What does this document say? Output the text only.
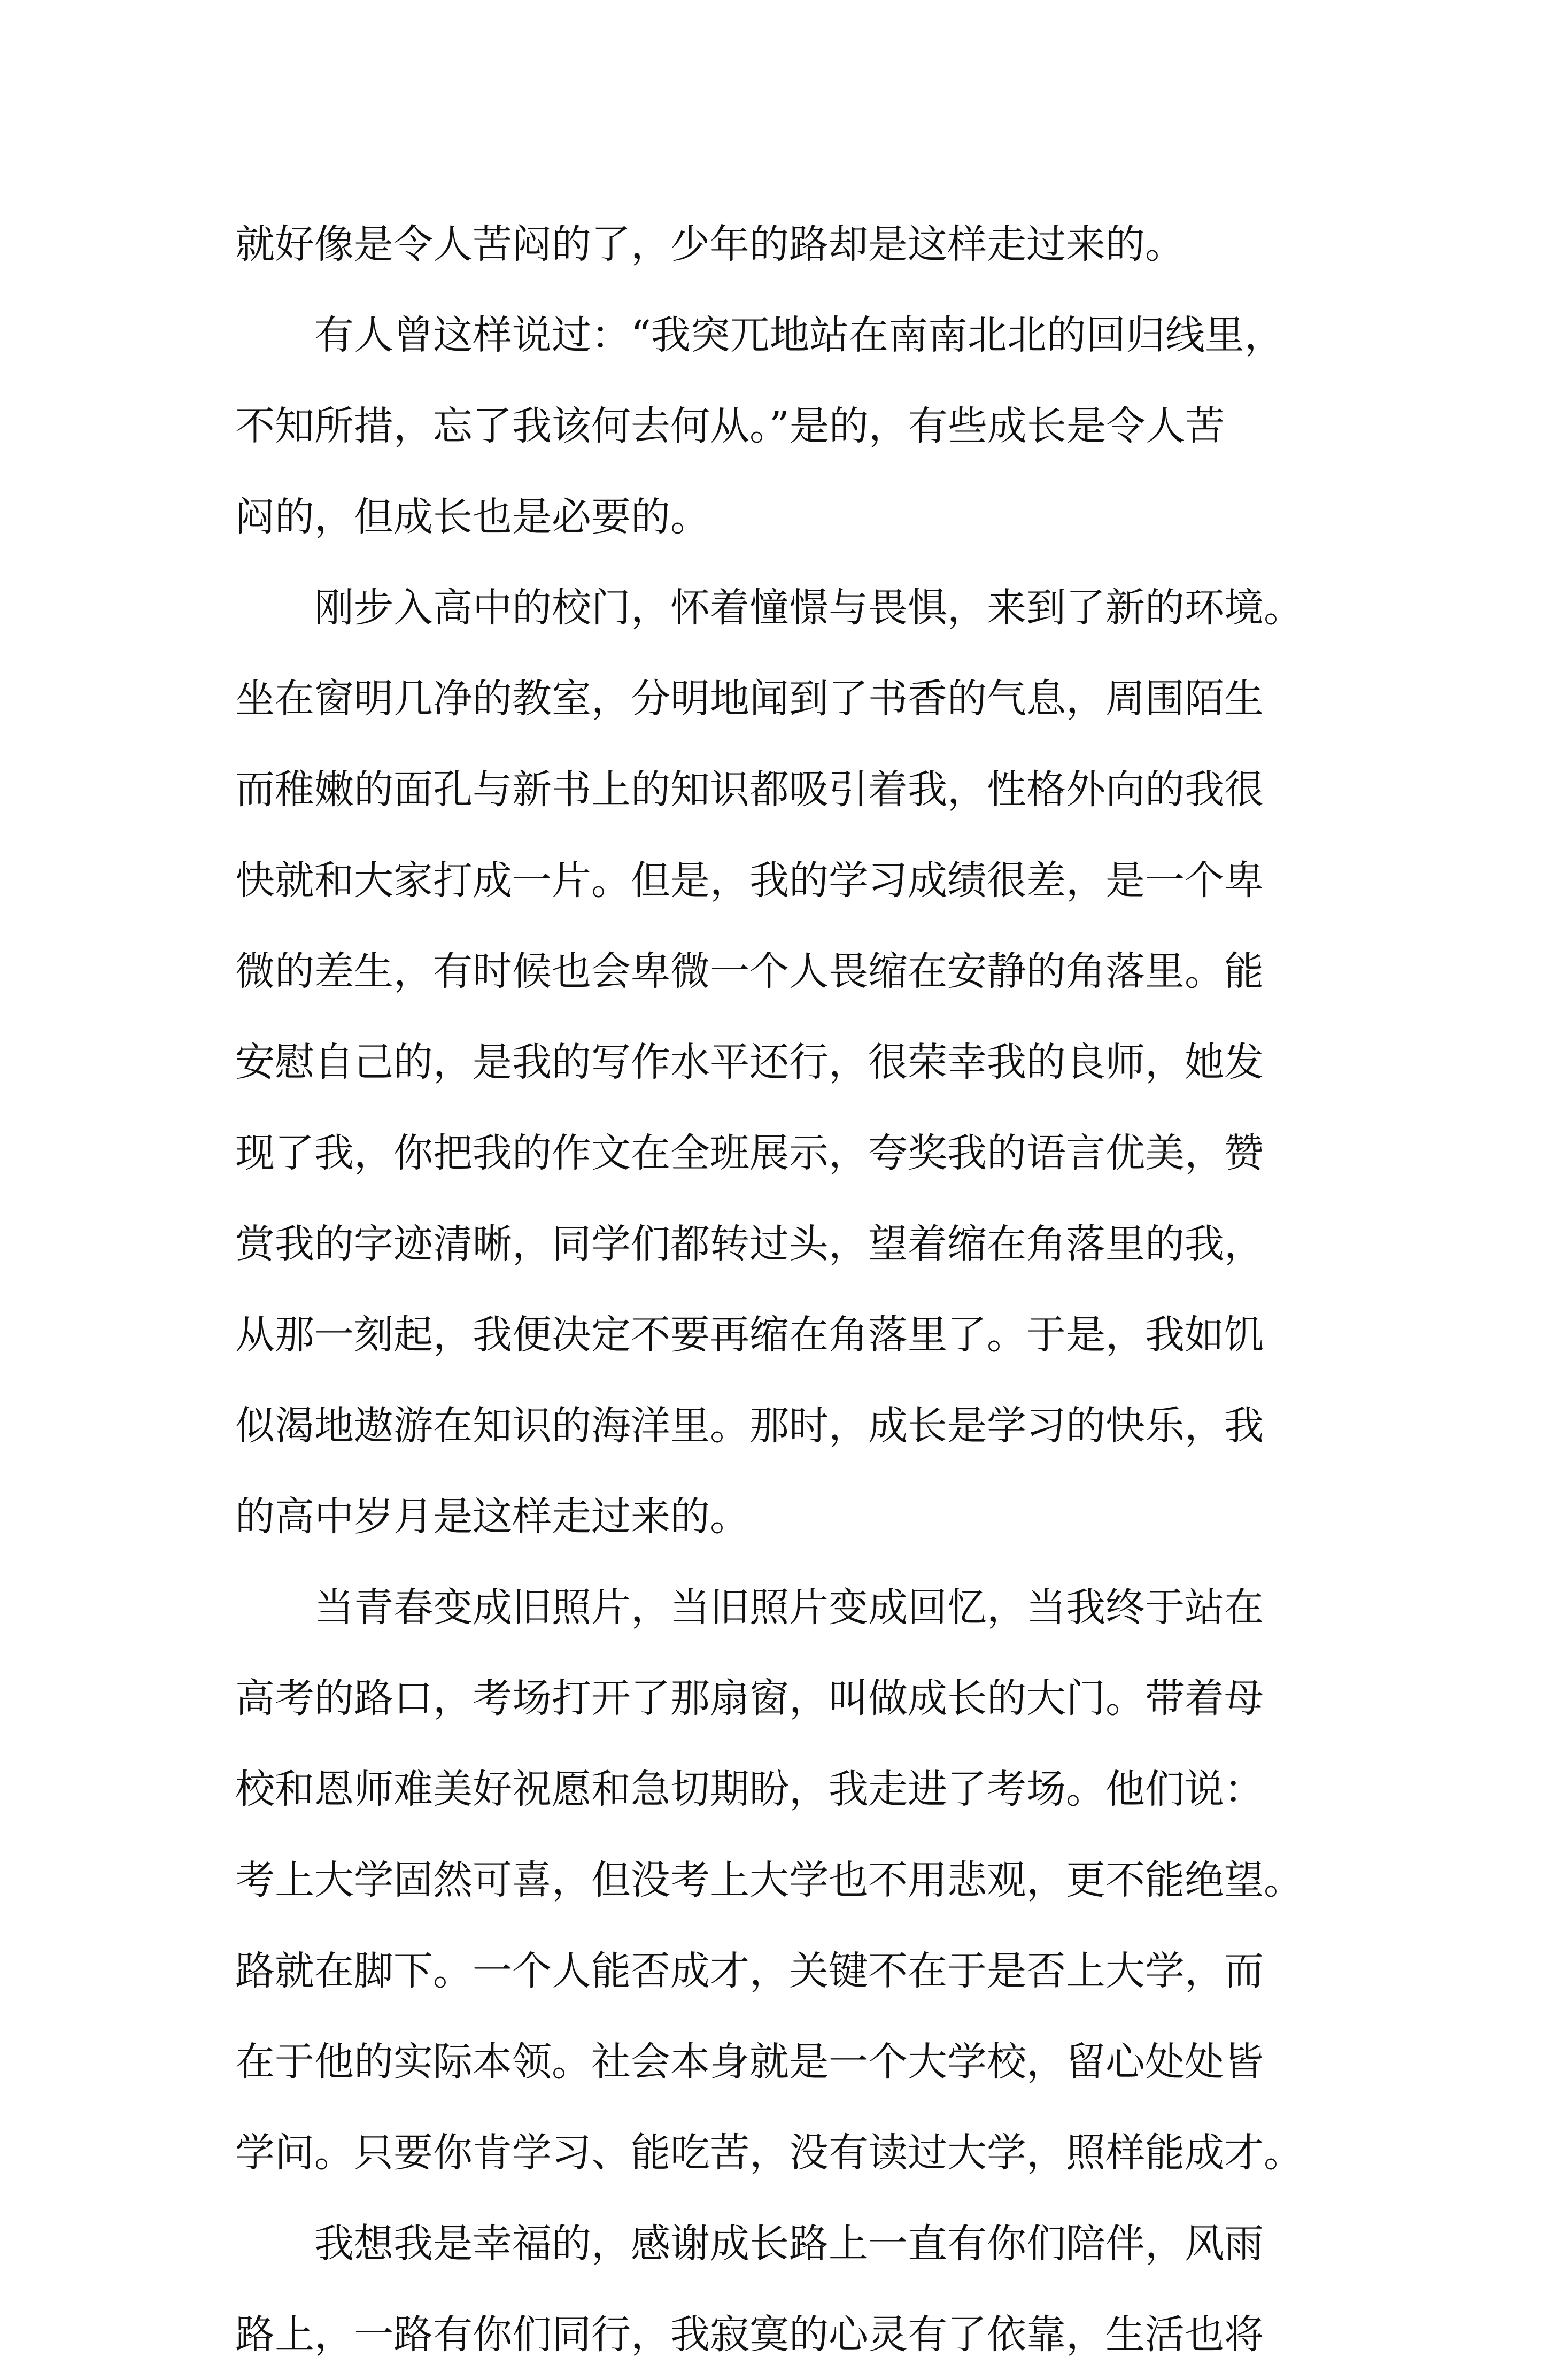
就好像是令人苦闷的了，少年的路却是这样走过来的。
有人曾这样说过：“我突兀地站在南南北北的回归线里，
不知所措，忘了我该何去何从。”是的，有些成长是令人苦
闷的，但成长也是必要的。
刚步入高中的校门，怀着憧憬与畏惧，来到了新的环境。
坐在窗明几净的教室，分明地闻到了书香的气息，周围陌生
而稚嫩的面孔与新书上的知识都吸引着我，性格外向的我很
快就和大家打成一片。但是，我的学习成绩很差，是一个卑
微的差生，有时候也会卑微一个人畏缩在安静的角落里。能
安慰自己的，是我的写作水平还行，很荣幸我的良师，她发
现了我，你把我的作文在全班展示，夸奖我的语言优美，赞
赏我的字迹清晰，同学们都转过头，望着缩在角落里的我，
从那一刻起，我便决定不要再缩在角落里了。于是，我如饥
似渴地遨游在知识的海洋里。那时，成长是学习的快乐，我
的高中岁月是这样走过来的。
当青春变成旧照片，当旧照片变成回忆，当我终于站在
高考的路口，考场打开了那扇窗，叫做成长的大门。带着母
校和恩师难美好祝愿和急切期盼，我走进了考场。他们说：
考上大学固然可喜，但没考上大学也不用悲观，更不能绝望。
路就在脚下。一个人能否成才，关键不在于是否上大学，而
在于他的实际本领。社会本身就是一个大学校，留心处处皆
学问。只要你肯学习、能吃苦，没有读过大学，照样能成才。
我想我是幸福的，感谢成长路上一直有你们陪伴，风雨
路上，一路有你们同行，我寂寞的心灵有了依靠，生活也将
